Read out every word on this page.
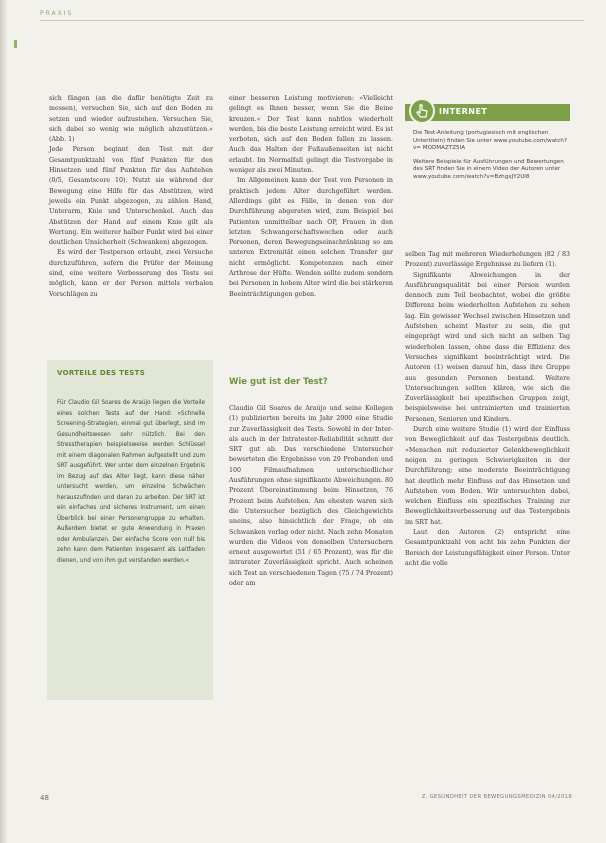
PRAXIS

sich fängen (an die dafür benötigte Zeit zu messen), versuchen Sie, sich auf den Boden zu setzen und wieder aufzustehen. Versuchen Sie, sich dabei so wenig wie möglich abzustützen.« (Abb. 1)

Jede Person beginnt den Test mit der Gesamtpunktzahl von fünf Punkten für den Hinsetzen und fünf Punkten für das Aufstehen (0/5, Gesamtscore 10). Nutzt sie während der Bewegung eine Hilfe für das Abstützen, wird jeweils ein Punkt abgezogen, zu zählen Hand, Unterarm, Knie und Unterschenkel. Auch das Abstützen der Hand auf einem Knie gilt als Wertung. Ein weiterer halber Punkt wird bei einer deutlichen Unsicherheit (Schwanken) abgezogen.

Es wird der Testperson erlaubt, zwei Versuche durchzuführen, sofern die Prüfer der Meinung sind, eine weitere Verbesserung des Tests sei möglich, kann er der Person mittels verbalen Vorschlägen zu

VORTEILE DES TESTS
Für Claudio Gil Soares de Araújo liegen die Vorteile eines solchen Tests auf der Hand: »Schnelle Screening-Strategien, einmal gut überlegt, sind im Gesundheitswesen sehr nützlich. Bei den Stresstherapien beispielsweise werden Schlüssel mit einem diagonalen Rahmen aufgestellt und zum SRT ausgeführt. Wer unter dem einzelnen Ergebnis im Bezug auf das Alter liegt, kann diese näher untersucht werden, um einzelne Schwächen herauszufinden und daran zu arbeiten. Der SRT ist ein einfaches und sicheres Instrument, um einen Überblick bei einer Personengruppe zu erhalten. Außerdem bietet er gute Anwendung in Praxen oder Ambulanzen. Der einfache Score von null bis zehn kann dem Patienten insgesamt als Leitfaden dienen, und von ihm gut verstanden werden.«

einer besseren Leistung motivieren: »Vielleicht gelingt es Ihnen besser, wenn Sie die Beine kreuzen.« Der Test kann nahtlos wiederholt werden, bis die beste Leistung erreicht wird. Es ist verboten, sich auf den Boden fallen zu lassen. Auch das Halten der Fußaußenseiten ist nicht erlaubt. Im Normalfall gelingt die Testvorgabe in weniger als zwei Minuten.

Im Allgemeinen kann der Test von Personen in praktisch jedem Alter durchgeführt werden. Allerdings gibt es Fälle, in denen von der Durchführung abgeraten wird, zum Beispiel bei Patienten unmittelbar nach OP, Frauen in den letzten Schwangerschaftswochen oder auch Personen, deren Bewegungseinschränkung so am unteren Extremität einen solchen Transfer gar nicht ermöglicht. Kompetenzen nach einer Arthrose der Hüfte. Wenden sollte zudem sondern bei Personen in hohem Alter wird die bei stärkeren Beeinträchtigungen geben.

Wie gut ist der Test?

Claudio Gil Soares de Araújo und seine Kollegen (1) publizierten bereits im Jahr 2000 eine Studie zur Zuverlässigkeit des Tests. Sowohl in der Inter- als auch in der Intratester-Reliabilität schnitt der SRT gut ab. Das verschiedene Untersucher bewerteten die Ergebnisse von 29 Probanden und 100 Filmaufnahmen unterschiedlicher Ausführungen ohne signifikante Abweichungen. 80 Prozent Übereinstimmung beim Hinsetzen, 76 Prozent beim Aufstehen. Am ehesten waren sich die Untersucher bezüglich des Gleichgewichts uneins, also hinsichtlich der Frage, ob ein Schwanken vorlag oder nicht. Nach zehn Monaten wurden die Videos von denselben Untersuchern erneut ausgewertet (51 / 65 Prozent), was für die intrarater Zuverlässigkeit spricht. Auch scheinen sich Test an verschiedenen Tagen (75 / 74 Prozent) oder am

INTERNET

Die Test-Anleitung (portugiesisch mit englischen Untertiteln) finden Sie unter www.youtube.com/watch?v= MODMAZTZ5IA

Weitere Beispiele für Ausführungen und Bewertungen des SRT finden Sie in einem Video der Autoren unter www.youtube.com/watch?v=BzhgxJY2Ui8

selben Tag mit mehreren Wiederholungen (82 / 83 Prozent) zuverlässige Ergebnisse zu liefern (1).

Signifikante Abweichungen in der Ausführungsqualität bei einer Person wurden dennoch zum Teil beobachtet, wobei die größte Differenz beim wiederholten Aufstehen zu sehen lag. Ein gewisser Wechsel zwischen Hinsetzen und Aufstehen scheint Master zu sein, die gut eingeprägt wird und sich nicht an selben Tag wiederholen lassen, ohne dass die Effizienz des Versuches signifikant beeinträchtigt wird. Die Autoren (1) weisen darauf hin, dass ihre Gruppe aus gesunden Personen bestand. Weitere Untersuchungen sollten klären, wie sich die Zuverlässigkeit bei spezifischen Gruppen zeigt, beispielsweise bei untrainierten und trainierten Personen, Senioren und Kindern.

Durch eine weitere Studie (1) wird der Einfluss von Beweglichkeit auf das Testergebnis deutlich. »Menschen mit reduzierter Gelenkbeweglichkeit neigen zu geringen Schwierigkeiten in der Durchführung; eine moderate Beeinträchtigung hat deutlich mehr Einfluss auf das Hinsetzen und Aufstehen vom Boden. Wir untersuchten dabei, welchen Einfluss ein spezifisches Training zur Beweglichkeitsverbesserung auf das Testergebnis im SRT hat.

Laut den Autoren (2) entspricht eine Gesamtpunktzahl von acht bis zehn Punkten der Bereich der Leistungsfähigkeit einer Person. Unter acht die volle

48	Z. GESUNDHEIT DER BEWEGUNGSMEDIZIN 04/2018
